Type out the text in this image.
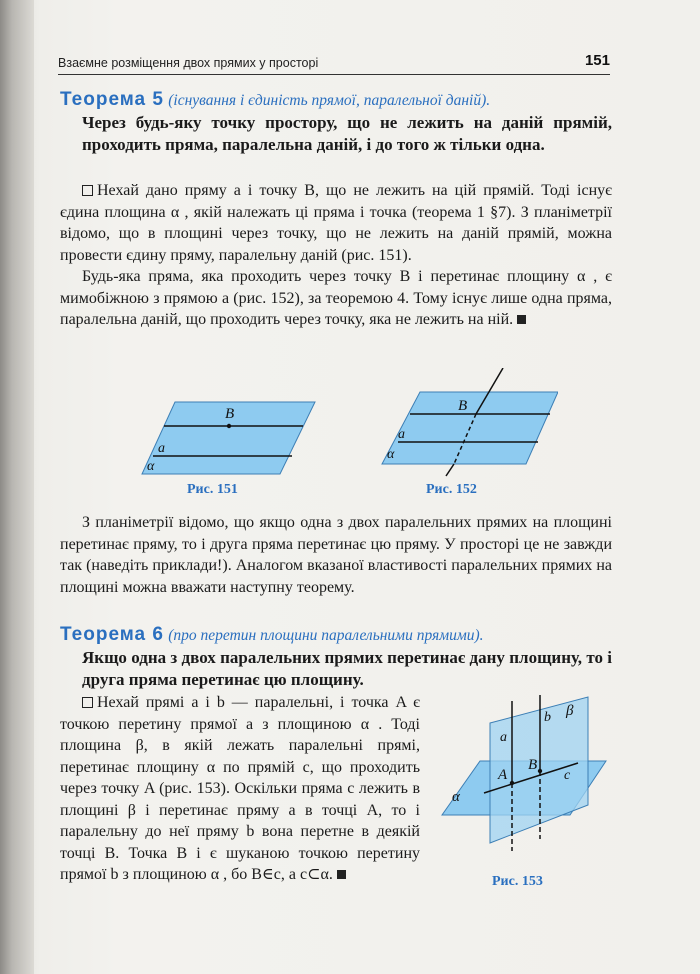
Взаємне розміщення двох прямих у просторі	151
Теорема 5 (існування і єдиність прямої, паралельної даній).
Через будь-яку точку простору, що не лежить на даній прямій, проходить пряма, паралельна даній, і до того ж тільки одна.

Нехай дано пряму a і точку B, що не лежить на цій прямій. Тоді існує єдина площина α , якій належать ці пряма і точка (теорема 1 §7). З планіметрії відомо, що в площині через точку, що не лежить на даній прямій, можна провести єдину пряму, паралельну даній (рис. 151).

Будь-яка пряма, яка проходить через точку B і перетинає площину α , є мимобіжною з прямою a (рис. 152), за теоремою 4. Тому існує лише одна пряма, паралельна даній, що проходить через точку, яка не лежить на ній.

B
a
α
Рис. 151
B
a
α
Рис. 152

З планіметрії відомо, що якщо одна з двох паралельних прямих на площині перетинає пряму, то і друга пряма перетинає цю пряму. У просторі це не завжди так (наведіть приклади!). Аналогом вказаної властивості паралельних прямих на площині можна вважати наступну теорему.

Теорема 6 (про перетин площини паралельними прямими).
Якщо одна з двох паралельних прямих перетинає дану площину, то і друга пряма перетинає цю площину.

Нехай прямі a і b — паралельні, і точка A є точкою перетину прямої a з площиною α . Тоді площина β, в якій лежать паралельні прямі, перетинає площину α по прямій c, що проходить через точку A (рис. 153). Оскільки пряма c лежить в площині β і перетинає пряму a в точці A, то і паралельну до неї пряму b вона перетне в деякій точці B. Точка B і є шуканою точкою перетину прямої b з площиною α , бо B∈c, а c⊂α.

A
B
a
b β
c
α
Рис. 153
